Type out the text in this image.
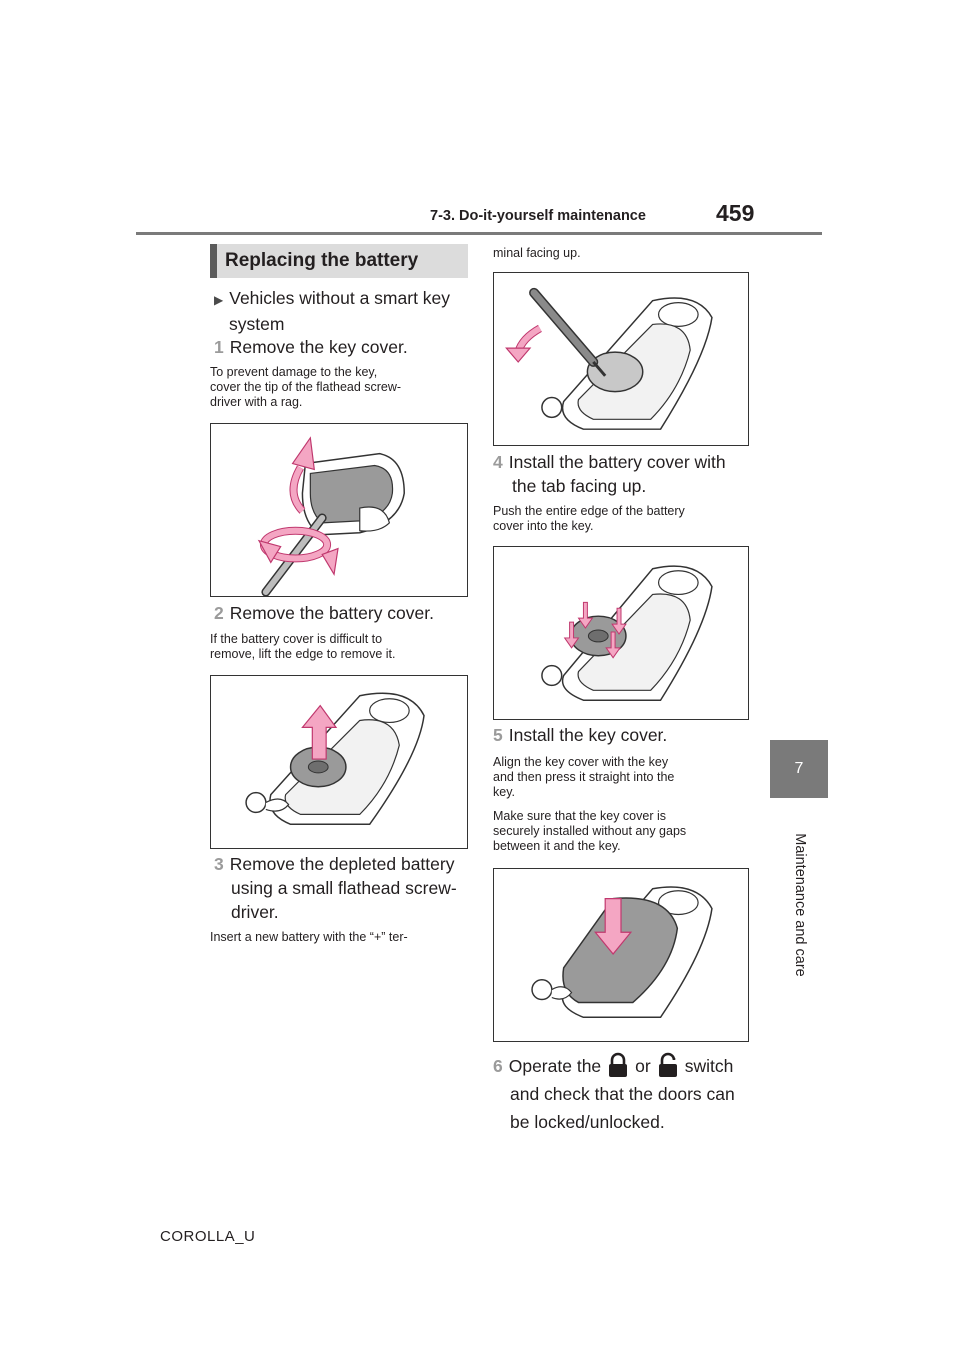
7-3. Do-it-yourself maintenance	459
7
Maintenance and care
Replacing the battery
▶ Vehicles without a smart key
system
1 Remove the key cover.
To prevent damage to the key,
cover the tip of the flathead screw-
driver with a rag.
2 Remove the battery cover.
If the battery cover is difficult to
remove, lift the edge to remove it.
3 Remove the depleted battery
using a small flathead screw-
driver.
Insert a new battery with the “+” ter-
minal facing up.
4 Install the battery cover with
the tab facing up.
Push the entire edge of the battery
cover into the key.
5 Install the key cover.
Align the key cover with the key
and then press it straight into the
key.
Make sure that the key cover is
securely installed without any gaps
between it and the key.
6 Operate the or switch
and check that the doors can
be locked/unlocked.
COROLLA_U
